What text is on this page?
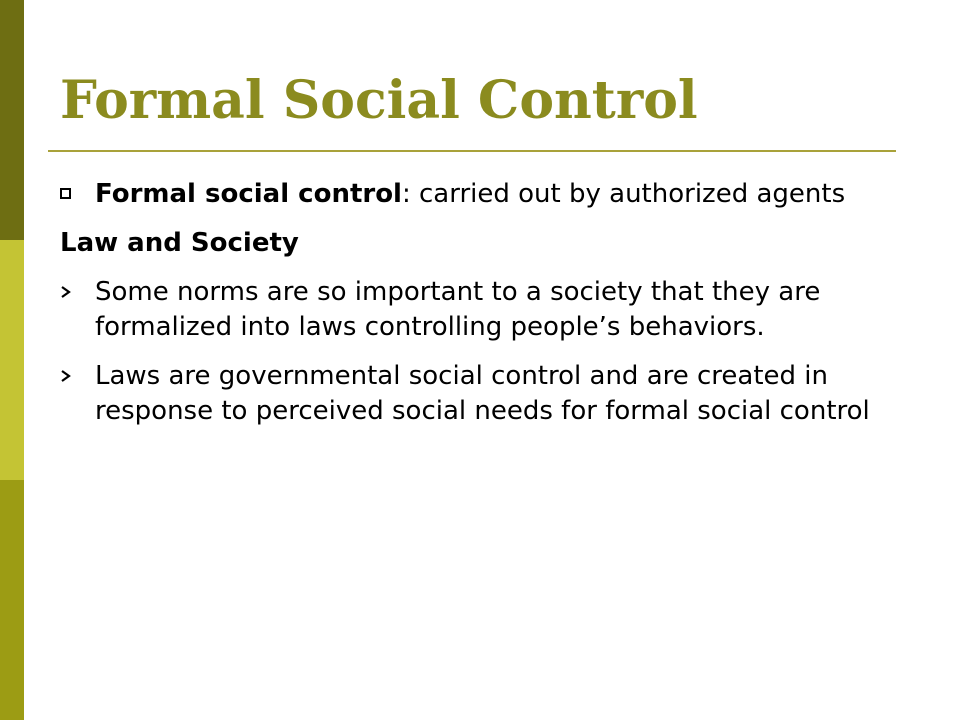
Formal Social Control
Formal social control: carried out by authorized agents
Law and Society
Some norms are so important to a society that they are formalized into laws controlling people’s behaviors.
Laws are governmental social control and are created in response to perceived social needs for formal social control
